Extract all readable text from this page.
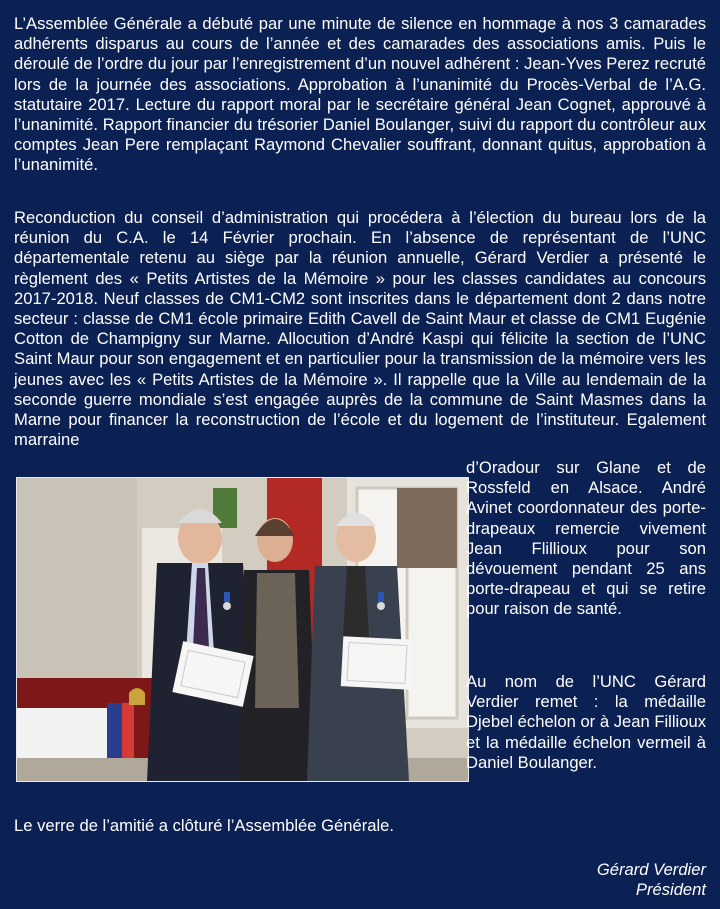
L’Assemblée Générale a débuté par une minute de silence en hommage à nos 3 camarades adhérents disparus au cours de l’année et des camarades des associations amis. Puis le déroulé de l’ordre du jour par l’enregistrement d’un nouvel adhérent : Jean-Yves Perez recruté lors de la journée des associations. Approbation à l’unanimité du Procès-Verbal de l’A.G. statutaire 2017. Lecture du rapport moral par le secrétaire général Jean Cognet, approuvé à l’unanimité. Rapport financier du trésorier Daniel Boulanger, suivi du rapport du contrôleur aux comptes Jean Pere remplaçant Raymond Chevalier souffrant, donnant quitus, approbation à l’unanimité.

Reconduction du conseil d’administration qui procédera à l’élection du bureau lors de la réunion du C.A. le 14 Février prochain. En l’absence de représentant de l’UNC départementale retenu au siège par la réunion annuelle, Gérard Verdier a présenté le règlement des « Petits Artistes de la Mémoire » pour les classes candidates au concours 2017-2018. Neuf classes de CM1-CM2 sont inscrites dans le département dont 2 dans notre secteur : classe de CM1 école primaire Edith Cavell de Saint Maur et classe de CM1 Eugénie Cotton de Champigny sur Marne. Allocution d’André Kaspi qui félicite la section de l’UNC Saint Maur pour son engagement et en particulier pour la transmission de la mémoire vers les jeunes avec les « Petits Artistes de la Mémoire ». Il rappelle que la Ville au lendemain de la seconde guerre mondiale s’est engagée auprès de la commune de Saint Masmes dans la Marne pour financer la reconstruction de l’école et du logement de l’instituteur. Egalement marraine

d’Oradour sur Glane et de Rossfeld en Alsace. André Avinet coordonnateur des porte-drapeaux remercie vivement Jean Flillioux pour son dévouement pendant 25 ans porte-drapeau et qui se retire pour raison de santé.

Au nom de l’UNC Gérard Verdier remet : la médaille Djebel échelon or à Jean Fillioux et la médaille échelon vermeil à Daniel Boulanger.

Le verre de l’amitié a clôturé l’Assemblée Générale.

Gérard Verdier
Président
